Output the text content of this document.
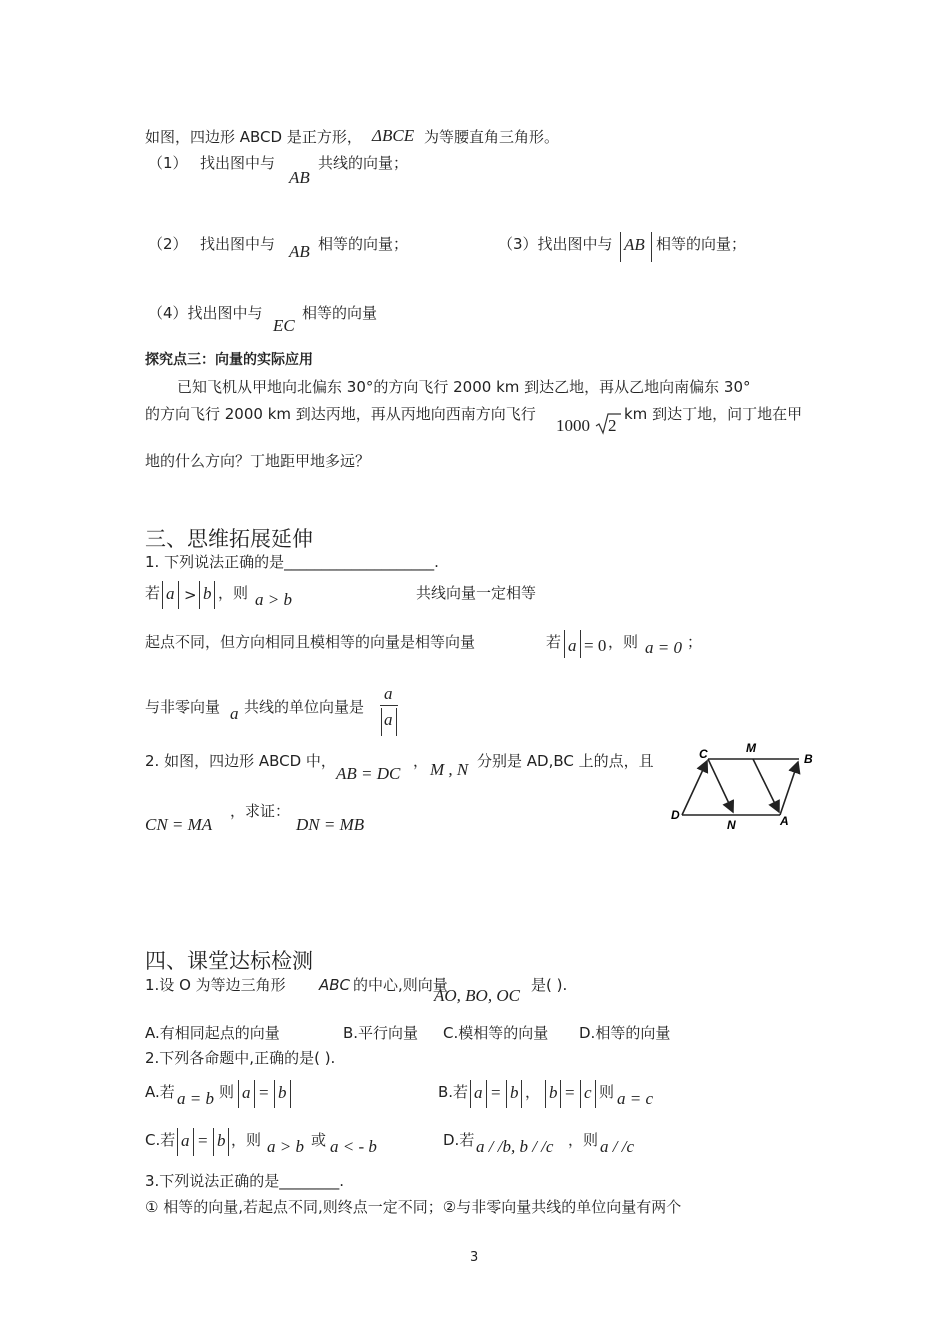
如图，四边形 ABCD 是正方形， ΔBCE 为等腰直角三角形。
（1） 找出图中与
AB
共线的向量；
（2） 找出图中与 AB 相等的向量；	（3）找出图中与 AB 相等的向量；
（4）找出图中与
EC
相等的向量
探究点三：向量的实际应用
已知飞机从甲地向北偏东 30°的方向飞行 2000 km 到达乙地，再从乙地向南偏东 30°
的方向飞行 2000 km 到达丙地，再从丙地向西南方向飞行
1000 2
km 到达丁地，问丁地在甲
地的什么方向？丁地距甲地多远？
三、思维拓展延伸
1. 下列说法正确的是____________________.
若 a > b ，则 a > b	共线向量一定相等
起点不同，但方向相同且模相等的向量是相等向量	若 a = 0 ，则 a = 0 ；
与非零向量 a 共线的单位向量是
a
a
2. 如图，四边形 ABCD 中，
AB = DC
， M , N 分别是 AD,BC 上的点，且
CN = MA
，求证：
DN = MB
C	M
B
D
N	A
四、课堂达标检测
1.设 O 为等边三角形 ABC 的中心,则向量
AO, BO, OC
是( ).
A.有相同起点的向量	B.平行向量 C.模相等的向量 D.相等的向量
2.下列各命题中,正确的是( ).
A.若 a = b 则 a = b	B.若 a = b ， b = c 则 a = c
C.若 a = b ，则 a > b 或 a < - b	D.若 a / /b, b / /c ，则 a / /c
3.下列说法正确的是________.
① 相等的向量,若起点不同,则终点一定不同；②与非零向量共线的单位向量有两个
3
